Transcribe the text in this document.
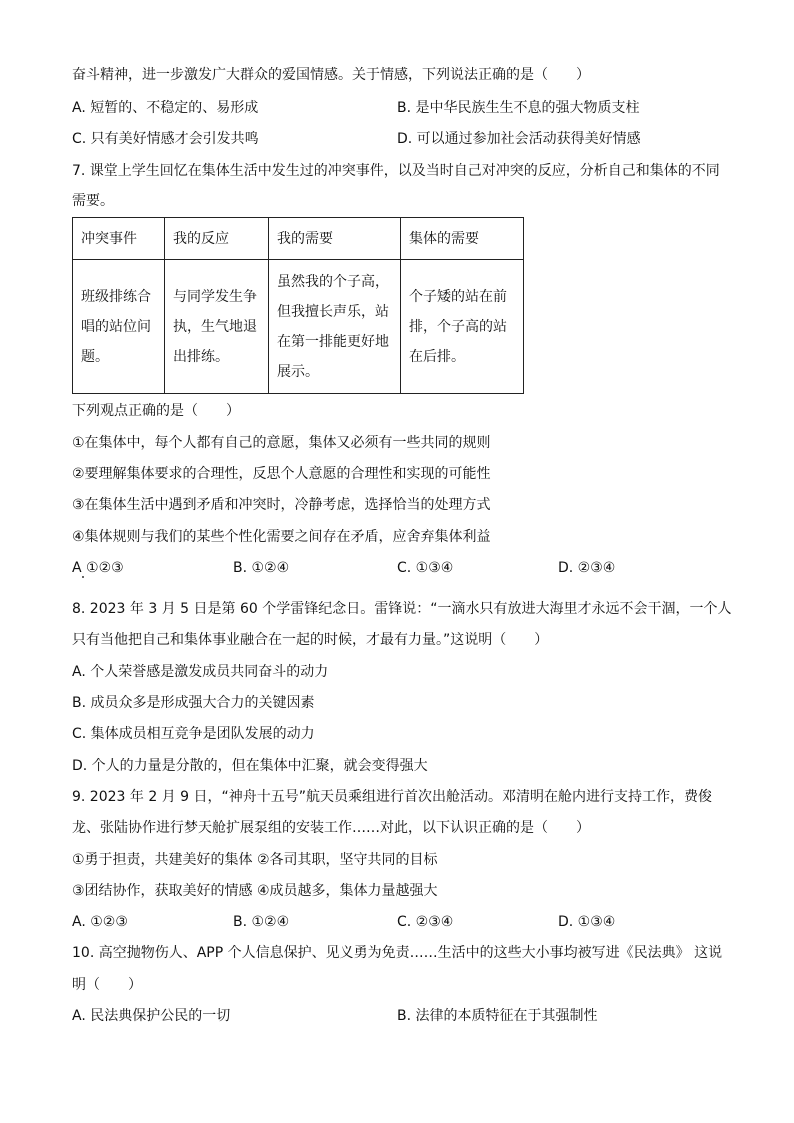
奋斗精神，进一步激发广大群众的爱国情感。关于情感，下列说法正确的是（　　）
A. 短暂的、不稳定的、易形成	B. 是中华民族生生不息的强大物质支柱
C. 只有美好情感才会引发共鸣	D. 可以通过参加社会活动获得美好情感
7. 课堂上学生回忆在集体生活中发生过的冲突事件，以及当时自己对冲突的反应，分析自己和集体的不同
需要。
冲突事件	我的反应	我的需要	集体的需要
班级排练合唱的站位问题。	与同学发生争执，生气地退出排练。	虽然我的个子高，但我擅长声乐，站在第一排能更好地展示。	个子矮的站在前排，个子高的站在后排。
下列观点正确的是（　　）
①在集体中，每个人都有自己的意愿，集体又必须有一些共同的规则
②要理解集体要求的合理性，反思个人意愿的合理性和实现的可能性
③在集体生活中遇到矛盾和冲突时，冷静考虑，选择恰当的处理方式
④集体规则与我们的某些个性化需要之间存在矛盾，应舍弃集体利益
A ①②③	B. ①②④	C. ①③④	D. ②③④
8. 2023 年 3 月 5 日是第 60 个学雷锋纪念日。雷锋说：“一滴水只有放进大海里才永远不会干涸，一个人
只有当他把自己和集体事业融合在一起的时候，才最有力量。”这说明（　　）
A. 个人荣誉感是激发成员共同奋斗的动力
B. 成员众多是形成强大合力的关键因素
C. 集体成员相互竞争是团队发展的动力
D. 个人的力量是分散的，但在集体中汇聚，就会变得强大
9. 2023 年 2 月 9 日，“神舟十五号”航天员乘组进行首次出舱活动。邓清明在舱内进行支持工作，费俊
龙、张陆协作进行梦天舱扩展泵组的安装工作……对此，以下认识正确的是（　　）
①勇于担责，共建美好的集体 ②各司其职，坚守共同的目标
③团结协作，获取美好的情感 ④成员越多，集体力量越强大
A. ①②③	B. ①②④	C. ②③④	D. ①③④
10. 高空抛物伤人、APP 个人信息保护、见义勇为免责……生活中的这些大小事均被写进《民法典》 这说
明（　　）
A. 民法典保护公民的一切	B. 法律的本质特征在于其强制性
